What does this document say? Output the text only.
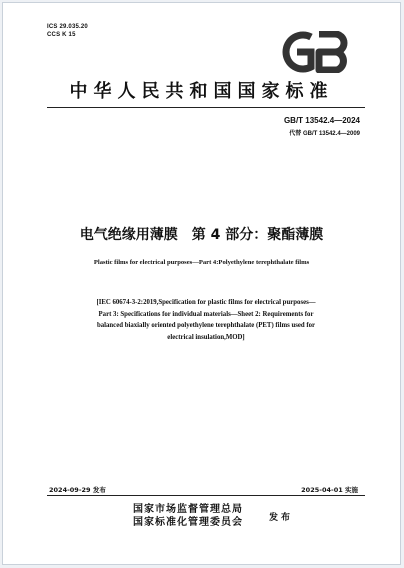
ICS 29.035.20
CCS K 15
中华人民共和国国家标准
GB/T 13542.4—2024
代替 GB/T 13542.4—2009
电气绝缘用薄膜　第 4 部分：聚酯薄膜
Plastic films for electrical purposes—Part 4:Polyethylene terephthalate films
[IEC 60674-3-2:2019,Specification for plastic films for electrical purposes—
Part 3: Specifications for individual materials—Sheet 2: Requirements for
balanced biaxially oriented polyethylene terephthalate (PET) films used for
electrical insulation,MOD]
2024-09-29 发布	2025-04-01 实施
国家市场监督管理总局
国家标准化管理委员会	发布
